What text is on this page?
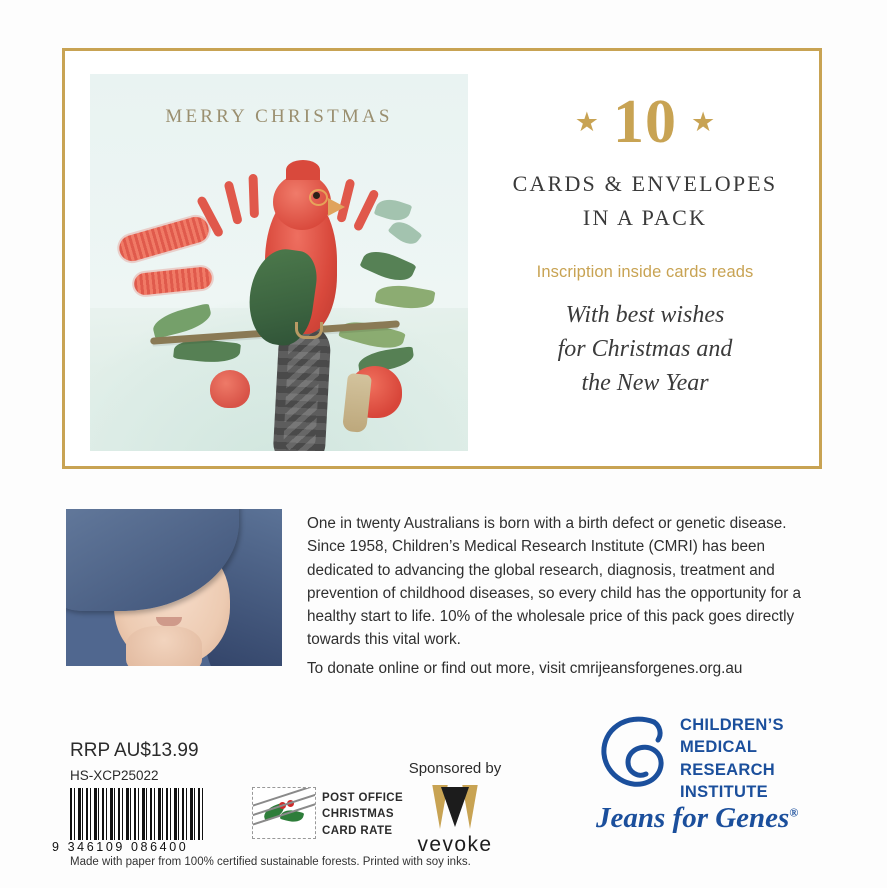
MERRY CHRISTMAS	★ 10 ★
CARDS & ENVELOPES
IN A PACK
Inscription inside cards reads
With best wishes
for Christmas and
the New Year

One in twenty Australians is born with a birth defect or genetic disease. Since 1958, Children’s Medical Research Institute (CMRI) has been dedicated to advancing the global research, diagnosis, treatment and prevention of childhood diseases, so every child has the opportunity for a healthy start to life. 10% of the wholesale price of this pack goes directly towards this vital work.

To donate online or find out more, visit cmrijeansforgenes.org.au

RRP AU$13.99
HS-XCP25022
9 346109 086400
Made with paper from 100% certified sustainable forests. Printed with soy inks.
POST OFFICE
CHRISTMAS
CARD RATE
Sponsored by
vevoke
CHILDREN’S
MEDICAL
RESEARCH
INSTITUTE
Jeans for Genes®
